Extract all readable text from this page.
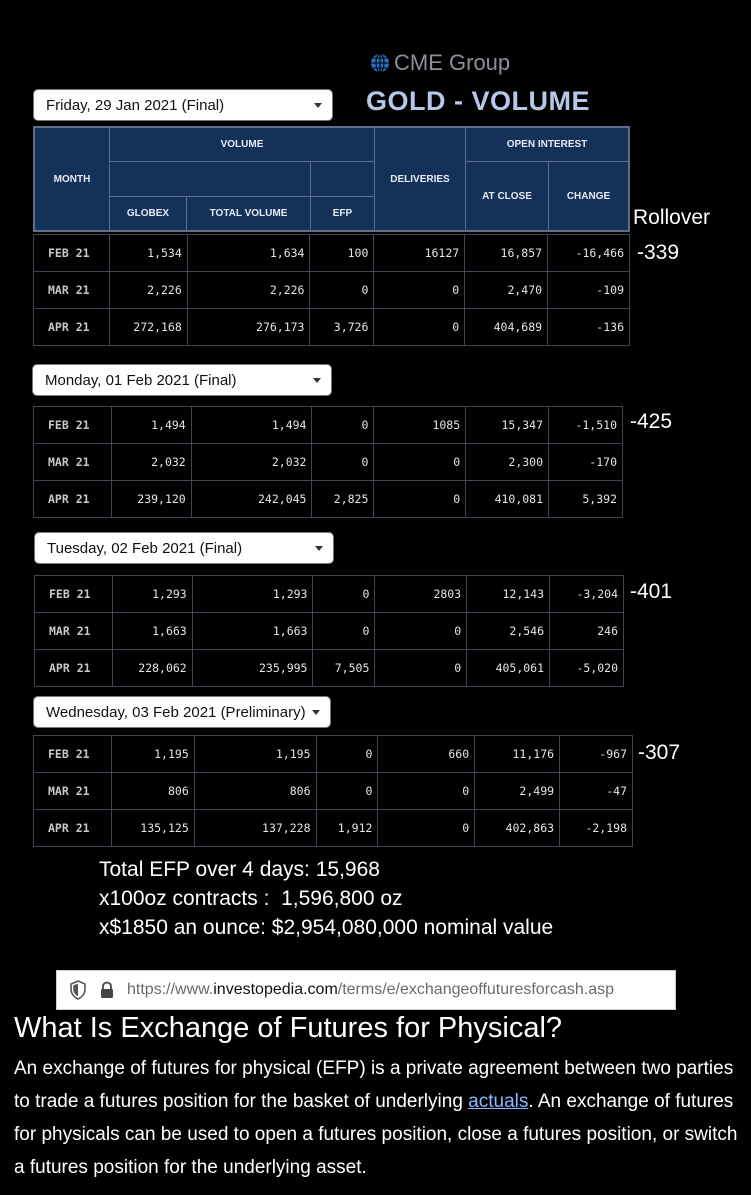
CME Group
GOLD - VOLUME
Friday, 29 Jan 2021 (Final)
MONTH
VOLUME
GLOBEX	TOTAL VOLUME	EFP
DELIVERIES
OPEN INTEREST
AT CLOSE	CHANGE
Rollover
FEB 21	1,534	1,634	100	16127	16,857	-16,466
MAR 21	2,226	2,226	0	0	2,470	-109
APR 21	272,168	276,173	3,726	0	404,689	-136
-339
Monday, 01 Feb 2021 (Final)
FEB 21	1,494	1,494	0	1085	15,347	-1,510
MAR 21	2,032	2,032	0	0	2,300	-170
APR 21	239,120	242,045	2,825	0	410,081	5,392
-425
Tuesday, 02 Feb 2021 (Final)
FEB 21	1,293	1,293	0	2803	12,143	-3,204
MAR 21	1,663	1,663	0	0	2,546	246
APR 21	228,062	235,995	7,505	0	405,061	-5,020
-401
Wednesday, 03 Feb 2021 (Preliminary)
FEB 21	1,195	1,195	0	660	11,176	-967
MAR 21	806	806	0	0	2,499	-47
APR 21	135,125	137,228	1,912	0	402,863	-2,198
-307
Total EFP over 4 days: 15,968
x100oz contracts :  1,596,800 oz
x$1850 an ounce: $2,954,080,000 nominal value
https://www.investopedia.com/terms/e/exchangeoffuturesforcash.asp
What Is Exchange of Futures for Physical?
An exchange of futures for physical (EFP) is a private agreement between two parties to trade a futures position for the basket of underlying actuals. An exchange of futures for physicals can be used to open a futures position, close a futures position, or switch a futures position for the underlying asset.
